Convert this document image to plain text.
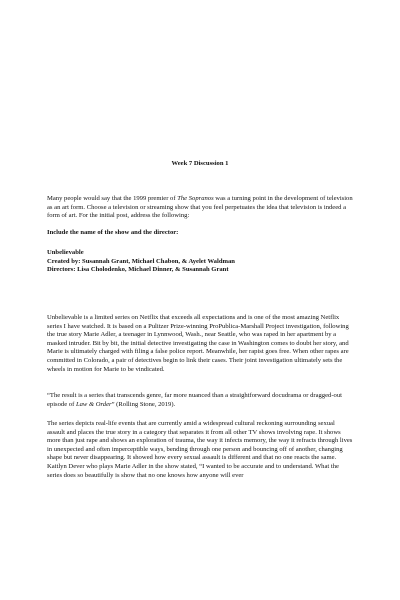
Week 7 Discussion 1

Many people would say that the 1999 premier of The Sopranos was a turning point in the development of television as an art form. Choose a television or streaming show that you feel perpetuates the idea that television is indeed a form of art. For the initial post, address the following:

Include the name of the show and the director:

Unbelievable
Created by: Susannah Grant, Michael Chabon, & Ayelet Waldman
Directors: Lisa Cholodenko, Michael Dinner, & Susannah Grant

Unbelievable is a limited series on Netflix that exceeds all expectations and is one of the most amazing Netflix series I have watched. It is based on a Pulitzer Prize-winning ProPublica-Marshall Project investigation, following the true story Marie Adler, a teenager in Lynnwood, Wash., near Seattle, who was raped in her apartment by a masked intruder. Bit by bit, the initial detective investigating the case in Washington comes to doubt her story, and Marie is ultimately charged with filing a false police report. Meanwhile, her rapist goes free. When other rapes are committed in Colorado, a pair of detectives begin to link their cases. Their joint investigation ultimately sets the wheels in motion for Marie to be vindicated.

“The result is a series that transcends genre, far more nuanced than a straightforward docudrama or dragged-out episode of Law & Order” (Rolling Stone, 2019).

The series depicts real-life events that are currently amid a widespread cultural reckoning surrounding sexual assault and places the true story in a category that separates it from all other TV shows involving rape. It shows more than just rape and shows an exploration of trauma, the way it infects memory, the way it refracts through lives in unexpected and often imperceptible ways, bending through one person and bouncing off of another, changing shape but never disappearing. It showed how every sexual assault is different and that no one reacts the same. Kaitlyn Dever who plays Marie Adler in the show stated, “I wanted to be accurate and to understand. What the series does so beautifully is show that no one knows how anyone will ever
